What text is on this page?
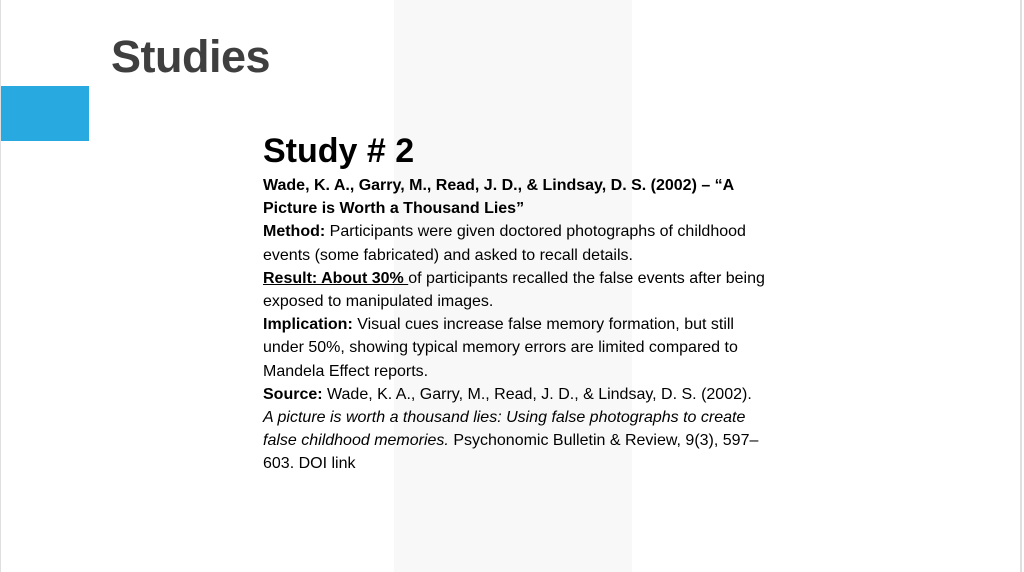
Studies
Study # 2

Wade, K. A., Garry, M., Read, J. D., & Lindsay, D. S. (2002) – “A Picture is Worth a Thousand Lies”

Method: Participants were given doctored photographs of childhood events (some fabricated) and asked to recall details.

Result: About 30% of participants recalled the false events after being exposed to manipulated images.

Implication: Visual cues increase false memory formation, but still under 50%, showing typical memory errors are limited compared to Mandela Effect reports.

Source: Wade, K. A., Garry, M., Read, J. D., & Lindsay, D. S. (2002). A picture is worth a thousand lies: Using false photographs to create false childhood memories. Psychonomic Bulletin & Review, 9(3), 597–603. DOI link
